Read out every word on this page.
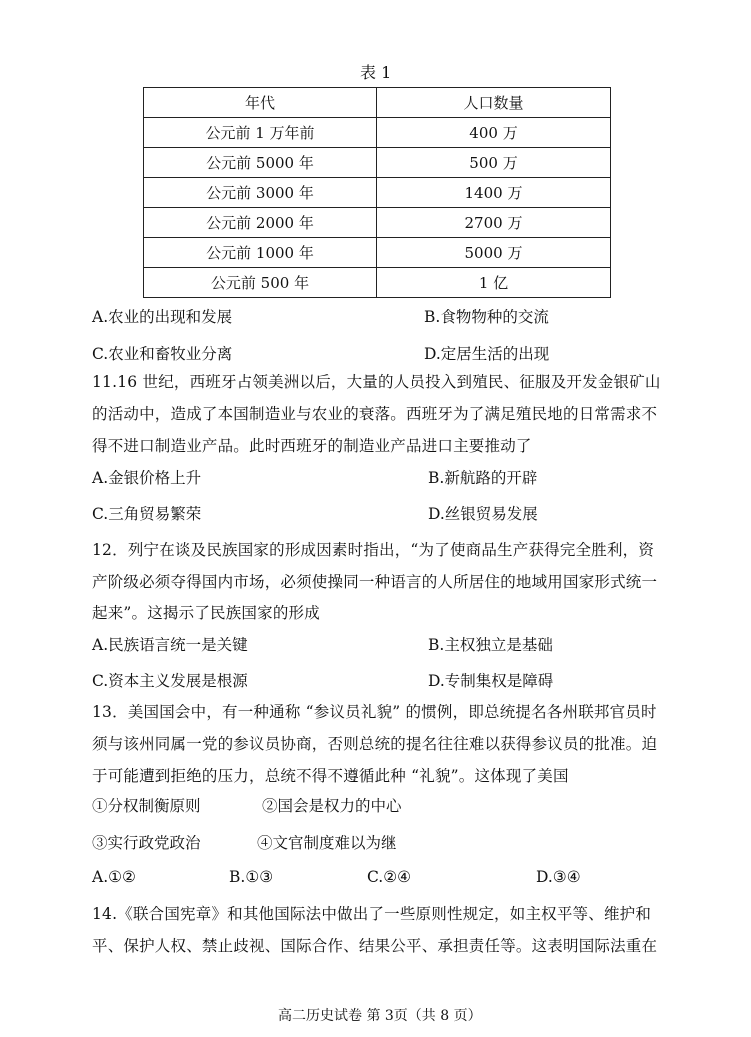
表 1
年代	人口数量
公元前 1 万年前	400 万
公元前 5000 年	500 万
公元前 3000 年	1400 万
公元前 2000 年	2700 万
公元前 1000 年	5000 万
公元前 500 年	1 亿
A.农业的出现和发展	B.食物物种的交流
C.农业和畜牧业分离	D.定居生活的出现
11.16 世纪，西班牙占领美洲以后，大量的人员投入到殖民、征服及开发金银矿山
的活动中，造成了本国制造业与农业的衰落。西班牙为了满足殖民地的日常需求不
得不进口制造业产品。此时西班牙的制造业产品进口主要推动了
A.金银价格上升	B.新航路的开辟
C.三角贸易繁荣	D.丝银贸易发展
12．列宁在谈及民族国家的形成因素时指出，“为了使商品生产获得完全胜利，资
产阶级必须夺得国内市场，必须使操同一种语言的人所居住的地域用国家形式统一
起来”。这揭示了民族国家的形成
A.民族语言统一是关键	B.主权独立是基础
C.资本主义发展是根源	D.专制集权是障碍
13．美国国会中，有一种通称 “参议员礼貌” 的惯例，即总统提名各州联邦官员时
须与该州同属一党的参议员协商，否则总统的提名往往难以获得参议员的批准。迫
于可能遭到拒绝的压力，总统不得不遵循此种 “礼貌”。这体现了美国
①分权制衡原则	②国会是权力的中心
③实行政党政治	④文官制度难以为继
A.①②	B.①③	C.②④	D.③④
14.《联合国宪章》和其他国际法中做出了一些原则性规定，如主权平等、维护和
平、保护人权、禁止歧视、国际合作、结果公平、承担责任等。这表明国际法重在
高二历史试卷 第 3页（共 8 页）
